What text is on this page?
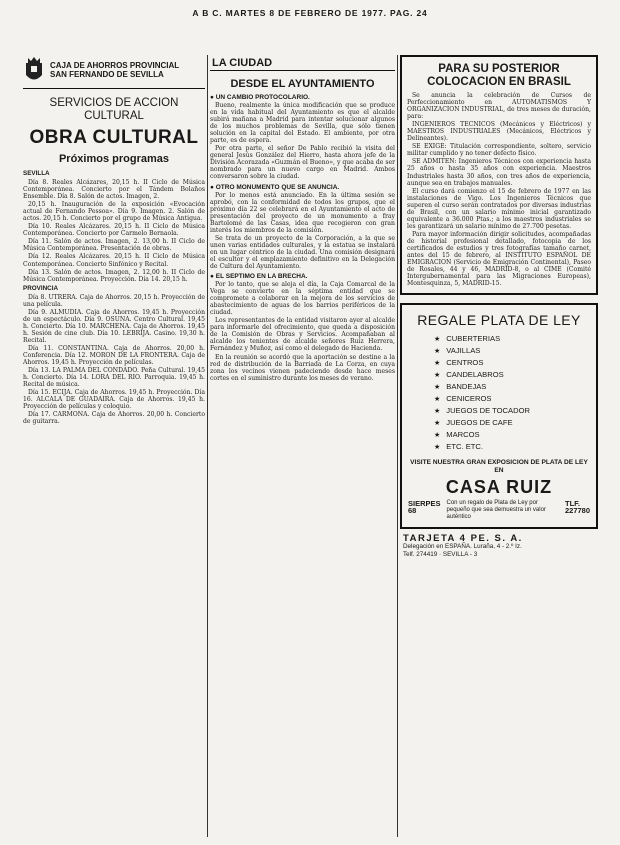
A B C. MARTES 8 DE FEBRERO DE 1977. PAG. 24
CAJA DE AHORROS PROVINCIAL
SAN FERNANDO DE SEVILLA
SERVICIOS DE ACCION CULTURAL
OBRA CULTURAL
Próximos programas
SEVILLA

Día 8. Reales Alcázares, 20,15 h. II Ciclo de Música Contemporánea. Concierto por el Tándem Bolaños Ensemble. Día 8. Salón de actos. Imagen, 2.

20,15 h. Inauguración de la exposición «Evocación actual de Fernando Pessoa». Día 9. Imagen. 2. Salón de actos. 20,15 h. Concierto por el grupo de Música Antigua.

Día 10. Reales Alcázares. 20,15 h. II Ciclo de Música Contemporánea. Concierto por Carmelo Bernaola.

Día 11. Salón de actos. Imagen, 2. 13,00 h. II Ciclo de Música Contemporánea. Presentación de obras.

Día 12. Reales Alcázares. 20,15 h. II Ciclo de Música Contemporánea. Concierto Sinfónico y Recital.

Día 13. Salón de actos. Imagen, 2. 12,00 h. II Ciclo de Música Contemporánea. Proyección. Día 14. 20,15 h.

PROVINCIA

Día 8. UTRERA. Caja de Ahorros. 20,15 h. Proyección de una película.

Día 9. ALMUDIA. Caja de Ahorros. 19,45 h. Proyección de un espectáculo. Día 9. OSUNA. Centro Cultural. 19,45 h. Concierto. Día 10. MARCHENA. Caja de Ahorros. 19,45 h. Sesión de cine club. Día 10. LEBRIJA. Casino. 19,30 h. Recital.

Día 11. CONSTANTINA. Caja de Ahorros. 20,00 h. Conferencia. Día 12. MORON DE LA FRONTERA. Caja de Ahorros. 19,45 h. Proyección de películas.

Día 13. LA PALMA DEL CONDADO. Peña Cultural. 19,45 h. Concierto. Día 14. LORA DEL RIO. Parroquia. 19,45 h. Recital de música.

Día 15. ECIJA. Caja de Ahorros. 19,45 h. Proyección. Día 16. ALCALA DE GUADAIRA. Caja de Ahorros. 19,45 h. Proyección de películas y coloquio.

Día 17. CARMONA. Caja de Ahorros. 20,00 h. Concierto de guitarra.

LA CIUDAD
DESDE EL AYUNTAMIENTO
● UN CAMBIO PROTOCOLARIO.

Bueno, realmente la única modificación que se produce en la vida habitual del Ayuntamiento es que el alcalde subirá mañana a Madrid para intentar solucionar algunos de los muchos problemas de Sevilla, que sólo tienen solución en la capital del Estado. El ambiente, por otra parte, es de espera.

Por otra parte, el señor De Pablo recibió la visita del general Jesús González del Hierro, hasta ahora jefe de la División Acorazada «Guzmán el Bueno», y que acaba de ser nombrado para un nuevo cargo en Madrid. Ambos conversaron sobre la ciudad.

● OTRO MONUMENTO QUE SE ANUNCIA.

Por lo menos está anunciado. En la última sesión se aprobó, con la conformidad de todos los grupos, que el próximo día 22 se celebrará en el Ayuntamiento el acto de presentación del proyecto de un monumento a fray Bartolomé de las Casas, idea que recogieron con gran interés los miembros de la comisión.

Se trata de un proyecto de la Corporación, a la que se unen varias entidades culturales, y la estatua se instalará en un lugar céntrico de la ciudad. Una comisión designará el escultor y el emplazamiento definitivo en la Delegación de Cultura del Ayuntamiento.

● EL SEPTIMO EN LA BRECHA.

Por lo tanto, que se aleja el día, la Caja Comarcal de la Vega se convierte en la séptima entidad que se compromete a colaborar en la mejora de los servicios de abastecimiento de aguas de los barrios periféricos de la ciudad.

Los representantes de la entidad visitaron ayer al alcalde para informarle del ofrecimiento, que queda a disposición de la Comisión de Obras y Servicios. Acompañaban al alcalde los tenientes de alcalde señores Ruiz Herrera, Fernández y Muñoz, así como el delegado de Hacienda.

En la reunión se acordó que la aportación se destine a la red de distribución de la Barriada de La Corza, en cuya zona los vecinos vienen padeciendo desde hace meses cortes en el suministro durante los meses de verano.

PARA SU POSTERIOR
COLOCACION EN BRASIL

Se anuncia la celebración de Cursos de Perfeccionamiento en AUTOMATISMOS Y ORGANIZACION INDUSTRIAL, de tres meses de duración, para:

INGENIEROS TECNICOS (Mecánicos y Eléctricos) y MAESTROS INDUSTRIALES (Mecánicos, Eléctricos y Delineantes).

SE EXIGE: Titulación correspondiente, soltero, servicio militar cumplido y no tener defecto físico.

SE ADMITEN: Ingenieros Técnicos con experiencia hasta 25 años o hasta 35 años con experiencia. Maestros Industriales hasta 30 años, con tres años de experiencia, aunque sea en trabajos manuales.

El curso dará comienzo el 15 de febrero de 1977 en las instalaciones de Vigo. Los Ingenieros Técnicos que superen el curso serán contratados por diversas industrias de Brasil, con un salario mínimo inicial garantizado equivalente a 36.000 Ptas.; a los maestros industriales se les garantizará un salario mínimo de 27.700 pesetas.

Para mayor información dirigir solicitudes, acompañadas de historial profesional detallado, fotocopia de los certificados de estudios y tres fotografías tamaño carnet, antes del 15 de febrero, al INSTITUTO ESPAÑOL DE EMIGRACION (Servicio de Emigración Continental), Paseo de Rosales, 44 y 46, MADRID-8, o al CIME (Comité Intergubernamental para las Migraciones Europeas), Montesquinza, 5, MADRID-15.

REGALE PLATA DE LEY
★ CUBERTERIAS
★ VAJILLAS
★ CENTROS
★ CANDELABROS
★ BANDEJAS
★ CENICEROS
★ JUEGOS DE TOCADOR
★ JUEGOS DE CAFE
★ MARCOS
★ ETC. ETC.
VISITE NUESTRA GRAN EXPOSICION DE PLATA DE LEY EN
CASA RUIZ
SIERPES 68
Con un regalo de Plata de Ley por pequeño que sea demuestra un valor auténtico
TLF. 227780
TARJETA 4 PE. S. A.
Delegación en ESPAÑA. Luraña, 4 - 2.º Iz.
Telf. 274419 · SEVILLA - 3
